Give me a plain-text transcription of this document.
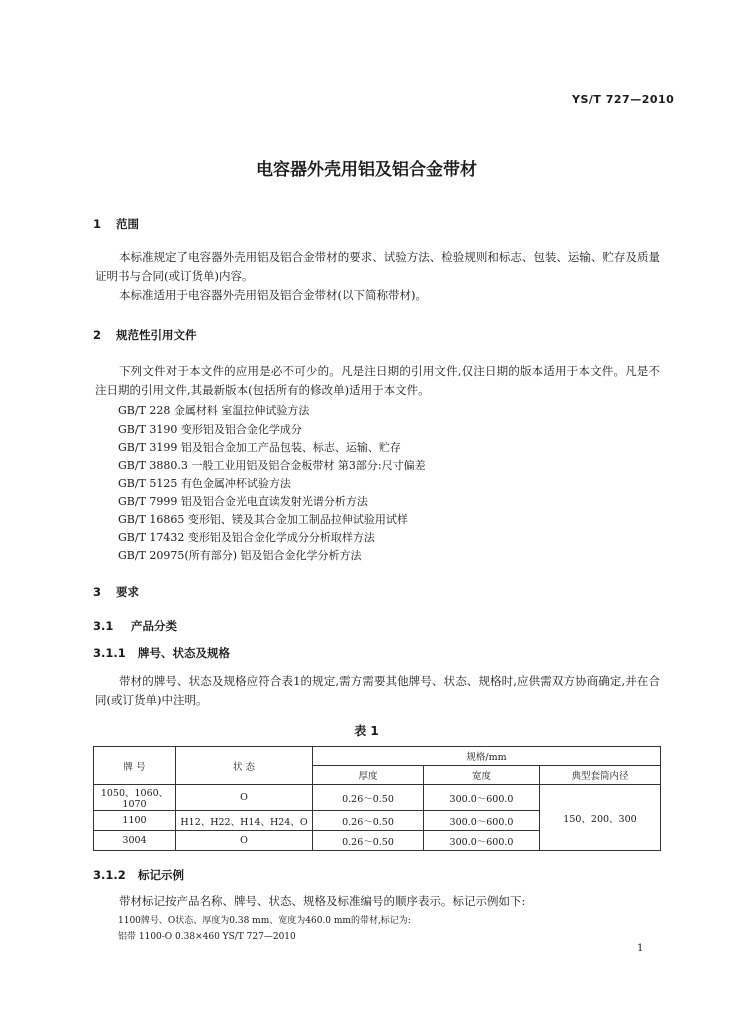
YS/T 727—2010
电容器外壳用铝及铝合金带材
1 范围
本标准规定了电容器外壳用铝及铝合金带材的要求、试验方法、检验规则和标志、包装、运输、贮存及质量证明书与合同(或订货单)内容。
本标准适用于电容器外壳用铝及铝合金带材(以下简称带材)。
2 规范性引用文件
下列文件对于本文件的应用是必不可少的。凡是注日期的引用文件,仅注日期的版本适用于本文件。凡是不注日期的引用文件,其最新版本(包括所有的修改单)适用于本文件。
GB/T 228 金属材料 室温拉伸试验方法
GB/T 3190 变形铝及铝合金化学成分
GB/T 3199 铝及铝合金加工产品包装、标志、运输、贮存
GB/T 3880.3 一般工业用铝及铝合金板带材 第3部分:尺寸偏差
GB/T 5125 有色金属冲杯试验方法
GB/T 7999 铝及铝合金光电直读发射光谱分析方法
GB/T 16865 变形铝、镁及其合金加工制品拉伸试验用试样
GB/T 17432 变形铝及铝合金化学成分分析取样方法
GB/T 20975(所有部分) 铝及铝合金化学分析方法
3 要求
3.1 产品分类
3.1.1 牌号、状态及规格
带材的牌号、状态及规格应符合表1的规定,需方需要其他牌号、状态、规格时,应供需双方协商确定,并在合同(或订货单)中注明。
表 1
牌 号	状 态	规格/mm		
		厚度	宽度	典型套筒内径
1050、1060、1070	O	0.26～0.50	300.0～600.0	150、200、300
1100	H12、H22、H14、H24、O	0.26～0.50	300.0～600.0	
3004	O	0.26～0.50	300.0～600.0	
3.1.2 标记示例
带材标记按产品名称、牌号、状态、规格及标准编号的顺序表示。标记示例如下:
1100牌号、O状态、厚度为0.38 mm、宽度为460.0 mm的带材,标记为:
铝带 1100-O 0.38×460 YS/T 727—2010
1
